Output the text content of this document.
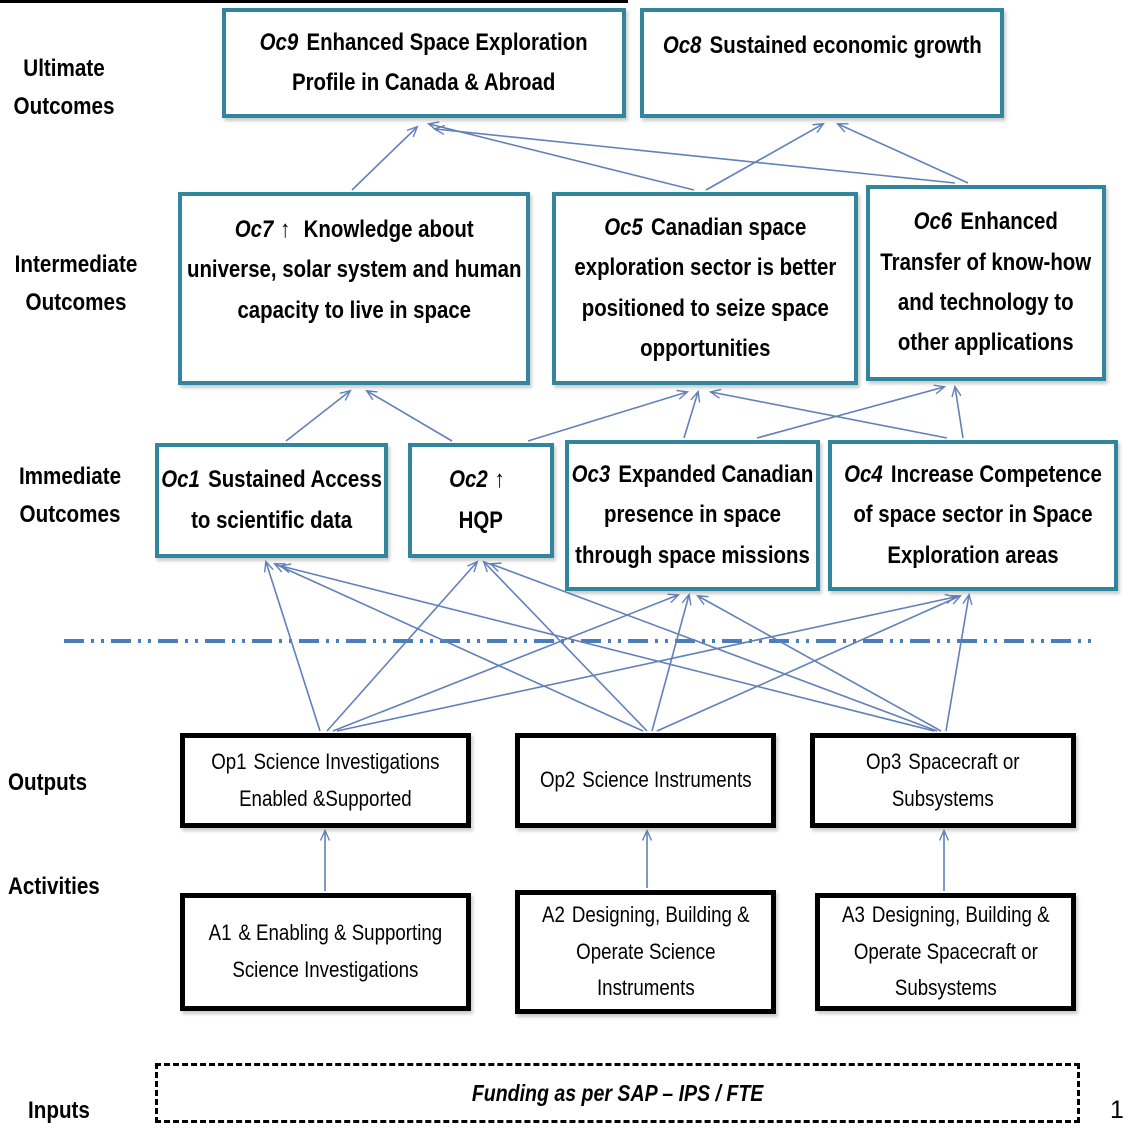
Ultimate Outcomes
Intermediate Outcomes
Immediate Outcomes
Outputs
Activities
Inputs
Oc9 Enhanced Space Exploration
Profile in Canada & Abroad
Oc8 Sustained economic growth
Oc7 ↑ Knowledge about
universe, solar system and human
capacity to live in space
Oc5 Canadian space
exploration sector is better
positioned to seize space
opportunities
Oc6 Enhanced
Transfer of know-how
and technology to
other applications
Oc1 Sustained Access
to scientific data
Oc2 ↑
HQP
Oc3 Expanded Canadian
presence in space
through space missions
Oc4 Increase Competence
of space sector in Space
Exploration areas
Op1 Science Investigations
Enabled &Supported
Op2 Science Instruments
Op3 Spacecraft or Subsystems
A1 & Enabling & Supporting
Science Investigations
A2 Designing, Building &
Operate Science
Instruments
A3 Designing, Building &
Operate Spacecraft or
Subsystems
Funding as per SAP – IPS / FTE
1
